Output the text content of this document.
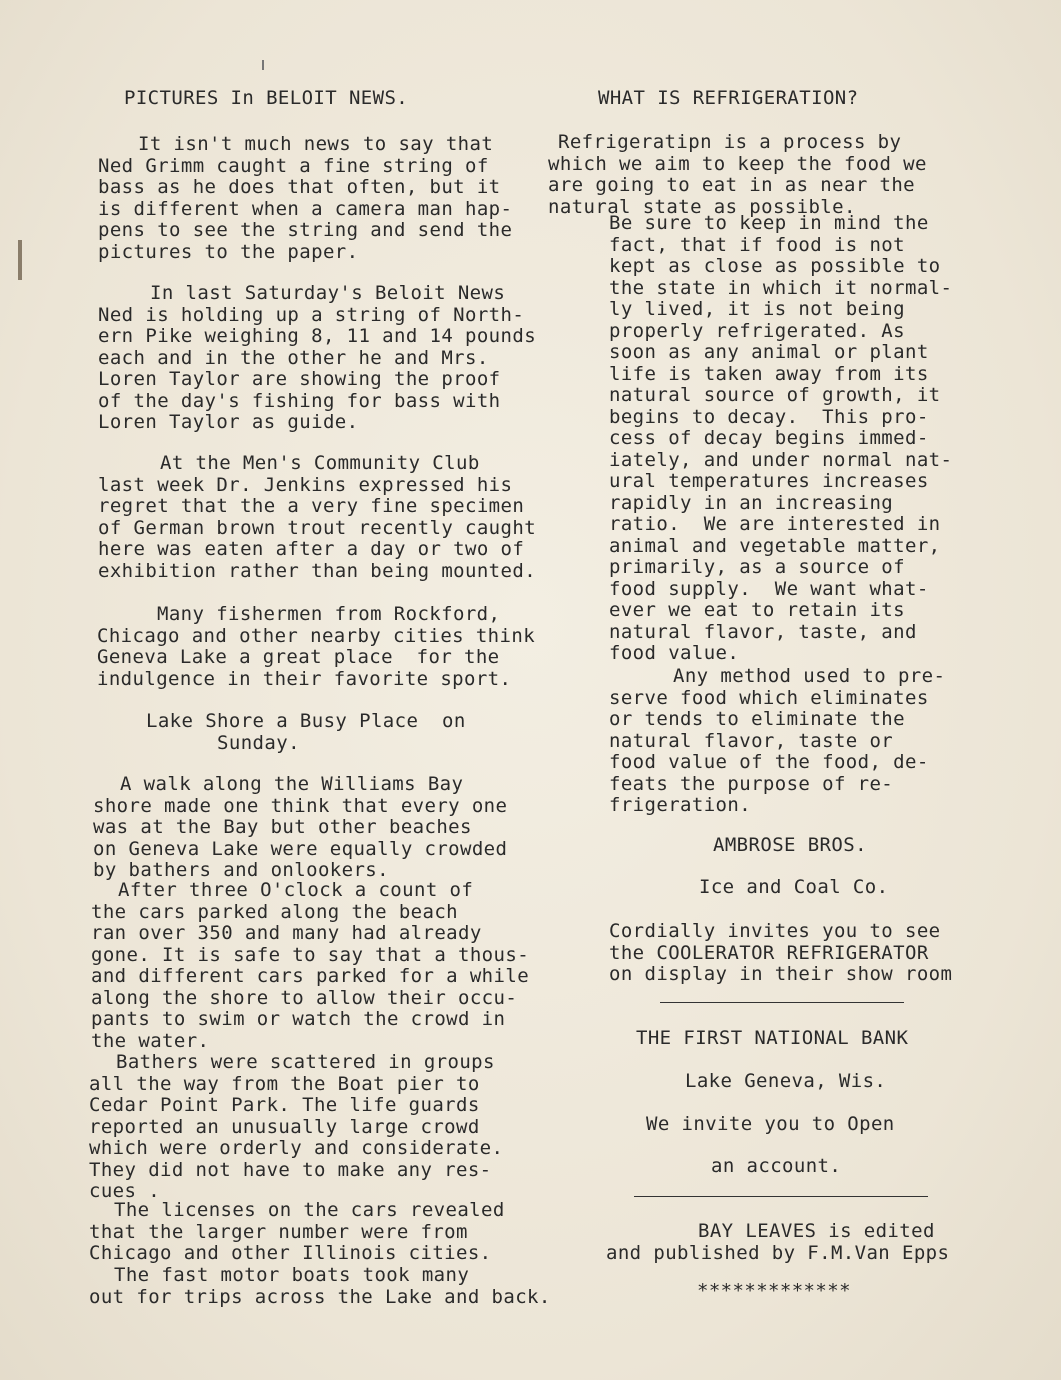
PICTURES In BELOIT NEWS.
It isn't much news to say that
Ned Grimm caught a fine string of
bass as he does that often, but it
is different when a camera man hap-
pens to see the string and send the
pictures to the paper.
In last Saturday's Beloit News
Ned is holding up a string of North-
ern Pike weighing 8, 11 and 14 pounds
each and in the other he and Mrs.
Loren Taylor are showing the proof
of the day's fishing for bass with
Loren Taylor as guide.
At the Men's Community Club
last week Dr. Jenkins expressed his
regret that the a very fine specimen
of German brown trout recently caught
here was eaten after a day or two of
exhibition rather than being mounted.
Many fishermen from Rockford,
Chicago and other nearby cities think
Geneva Lake a great place  for the
indulgence in their favorite sport.
Lake Shore a Busy Place  on
Sunday.
A walk along the Williams Bay
shore made one think that every one
was at the Bay but other beaches
on Geneva Lake were equally crowded
by bathers and onlookers.
After three O'clock a count of
the cars parked along the beach
ran over 350 and many had already
gone. It is safe to say that a thous-
and different cars parked for a while
along the shore to allow their occu-
pants to swim or watch the crowd in
the water.
Bathers were scattered in groups
all the way from the Boat pier to
Cedar Point Park. The life guards
reported an unusually large crowd
which were orderly and considerate.
They did not have to make any res-
cues .
The licenses on the cars revealed
that the larger number were from
Chicago and other Illinois cities.
The fast motor boats took many
out for trips across the Lake and back.
WHAT IS REFRIGERATION?
Refrigeratipn is a process by
which we aim to keep the food we
are going to eat in as near the
natural state as possible.
Be sure to keep in mind the
fact, that if food is not
kept as close as possible to
the state in which it normal-
ly lived, it is not being
properly refrigerated. As
soon as any animal or plant
life is taken away from its
natural source of growth, it
begins to decay.  This pro-
cess of decay begins immed-
iately, and under normal nat-
ural temperatures increases
rapidly in an increasing
ratio.  We are interested in
animal and vegetable matter,
primarily, as a source of
food supply.  We want what-
ever we eat to retain its
natural flavor, taste, and
food value.
Any method used to pre-
serve food which eliminates
or tends to eliminate the
natural flavor, taste or
food value of the food, de-
feats the purpose of re-
frigeration.
AMBROSE BROS.
Ice and Coal Co.
Cordially invites you to see
the COOLERATOR REFRIGERATOR
on display in their show room
THE FIRST NATIONAL BANK
Lake Geneva, Wis.
We invite you to Open
an account.
BAY LEAVES is edited
and published by F.M.Van Epps
*************
